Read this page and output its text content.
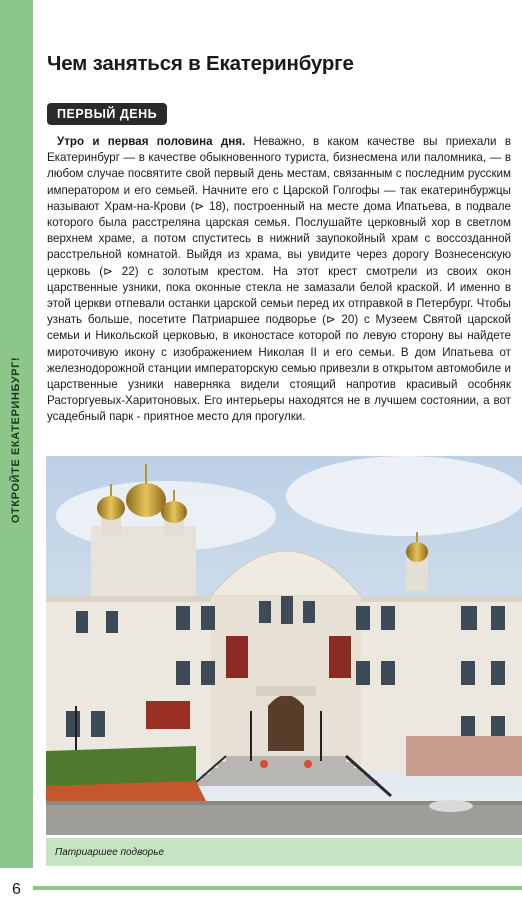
ОТКРОЙТЕ ЕКАТЕРИНБУРГ!
6
Чем заняться в Екатеринбурге
ПЕРВЫЙ ДЕНЬ
Утро и первая половина дня. Неважно, в каком качестве вы приехали в Екатеринбург — в качестве обыкновенного туриста, бизнесмена или паломника, — в любом случае посвятите свой первый день местам, связанным с последним русским императором и его семьей. Начните его с Царской Голгофы — так екатеринбуржцы называют Храм-на-Крови (⊳ 18), построенный на месте дома Ипатьева, в подвале которого была расстреляна царская семья. Послушайте церковный хор в светлом верхнем храме, а потом спуститесь в нижний заупокойный храм с воссозданной расстрельной комнатой. Выйдя из храма, вы увидите через дорогу Вознесенскую церковь (⊳ 22) с золотым крестом. На этот крест смотрели из своих окон царственные узники, пока оконные стекла не замазали белой краской. И именно в этой церкви отпевали останки царской семьи перед их отправкой в Петербург. Чтобы узнать больше, посетите Патриаршее подворье (⊳ 20) с Музеем Святой царской семьи и Никольской церковью, в иконостасе которой по левую сторону вы найдете мироточивую икону с изображением Николая II и его семьи. В дом Ипатьева от железнодорожной станции императорскую семью привезли в открытом автомобиле и царственные узники наверняка видели стоящий напротив красивый особняк Расторгуевых-Харитоновых. Его интерьеры находятся не в лучшем состоянии, а вот усадебный парк - приятное место для прогулки.
Патриаршее подворье
